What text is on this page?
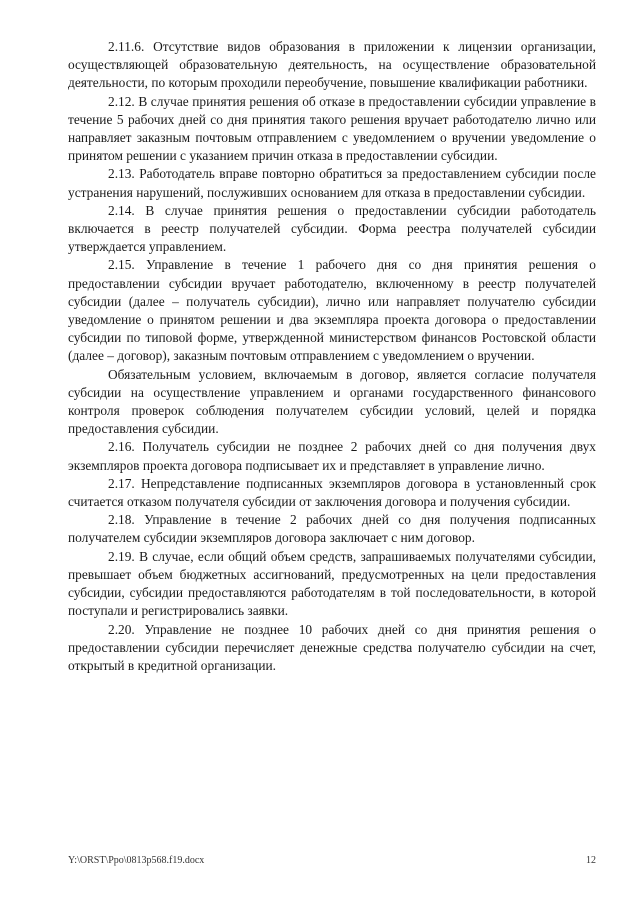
2.11.6. Отсутствие видов образования в приложении к лицензии организации, осуществляющей образовательную деятельность, на осуществление образовательной деятельности, по которым проходили переобучение, повышение квалификации работники.

2.12. В случае принятия решения об отказе в предоставлении субсидии управление в течение 5 рабочих дней со дня принятия такого решения вручает работодателю лично или направляет заказным почтовым отправлением с уведомлением о вручении уведомление о принятом решении с указанием причин отказа в предоставлении субсидии.

2.13. Работодатель вправе повторно обратиться за предоставлением субсидии после устранения нарушений, послуживших основанием для отказа в предоставлении субсидии.

2.14. В случае принятия решения о предоставлении субсидии работодатель включается в реестр получателей субсидии. Форма реестра получателей субсидии утверждается управлением.

2.15. Управление в течение 1 рабочего дня со дня принятия решения о предоставлении субсидии вручает работодателю, включенному в реестр получателей субсидии (далее – получатель субсидии), лично или направляет получателю субсидии уведомление о принятом решении и два экземпляра проекта договора о предоставлении субсидии по типовой форме, утвержденной министерством финансов Ростовской области (далее – договор), заказным почтовым отправлением с уведомлением о вручении.

Обязательным условием, включаемым в договор, является согласие получателя субсидии на осуществление управлением и органами государственного финансового контроля проверок соблюдения получателем субсидии условий, целей и порядка предоставления субсидии.

2.16. Получатель субсидии не позднее 2 рабочих дней со дня получения двух экземпляров проекта договора подписывает их и представляет в управление лично.

2.17. Непредставление подписанных экземпляров договора в установленный срок считается отказом получателя субсидии от заключения договора и получения субсидии.

2.18. Управление в течение 2 рабочих дней со дня получения подписанных получателем субсидии экземпляров договора заключает с ним договор.

2.19. В случае, если общий объем средств, запрашиваемых получателями субсидии, превышает объем бюджетных ассигнований, предусмотренных на цели предоставления субсидии, субсидии предоставляются работодателям в той последовательности, в которой поступали и регистрировались заявки.

2.20. Управление не позднее 10 рабочих дней со дня принятия решения о предоставлении субсидии перечисляет денежные средства получателю субсидии на счет, открытый в кредитной организации.

Y:\ORST\Ppo\0813p568.f19.docx	12
